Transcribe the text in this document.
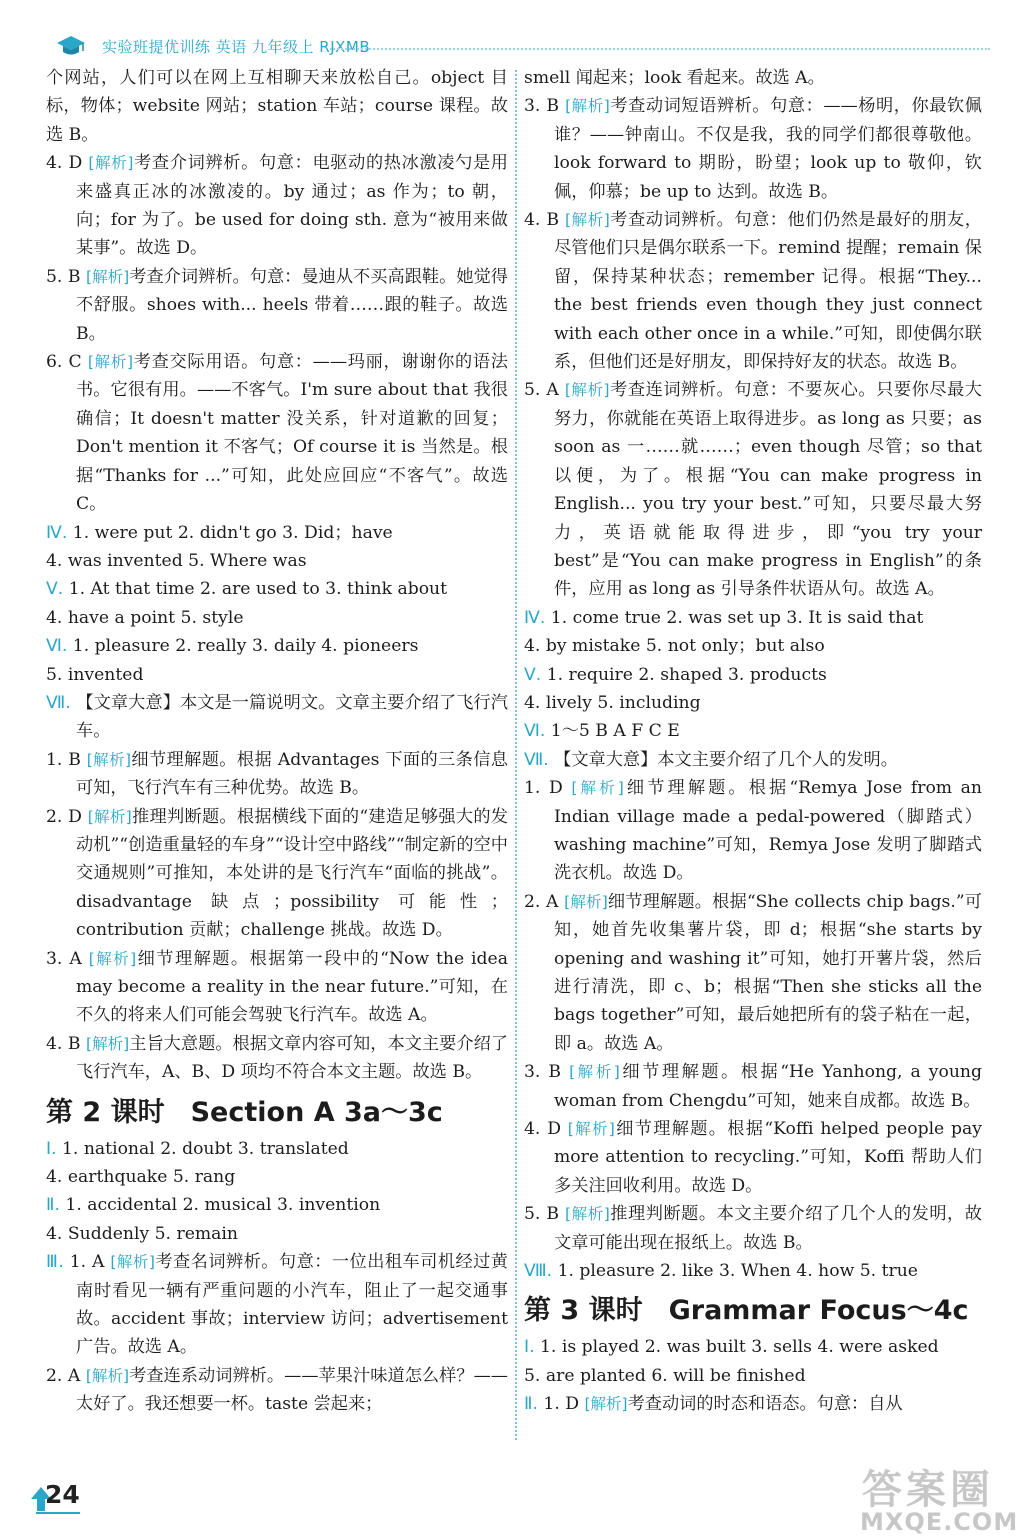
实验班提优训练 英语 九年级上 RJXMB

个网站，人们可以在网上互相聊天来放松自己。object 目标，物体；website 网站；station 车站；course 课程。故选 B。

4. D [解析]考查介词辨析。句意：电驱动的热冰激凌勺是用来盛真正冰的冰激凌的。by 通过；as 作为；to 朝，向；for 为了。be used for doing sth. 意为“被用来做某事”。故选 D。

5. B [解析]考查介词辨析。句意：曼迪从不买高跟鞋。她觉得不舒服。shoes with... heels 带着……跟的鞋子。故选 B。

6. C [解析]考查交际用语。句意：——玛丽，谢谢你的语法书。它很有用。——不客气。I'm sure about that 我很确信；It doesn't matter 没关系，针对道歉的回复；Don't mention it 不客气；Of course it is 当然是。根据“Thanks for ...”可知，此处应回应“不客气”。故选 C。

Ⅳ. 1. were put 2. didn't go 3. Did；have

4. was invented 5. Where was

Ⅴ. 1. At that time 2. are used to 3. think about

4. have a point 5. style

Ⅵ. 1. pleasure 2. really 3. daily 4. pioneers

5. invented

Ⅶ. 【文章大意】本文是一篇说明文。文章主要介绍了飞行汽车。

1. B [解析]细节理解题。根据 Advantages 下面的三条信息可知，飞行汽车有三种优势。故选 B。

2. D [解析]推理判断题。根据横线下面的“建造足够强大的发动机”“创造重量轻的车身”“设计空中路线”“制定新的空中交通规则”可推知，本处讲的是飞行汽车“面临的挑战”。disadvantage 缺点；possibility 可能性；contribution 贡献；challenge 挑战。故选 D。

3. A [解析]细节理解题。根据第一段中的“Now the idea may become a reality in the near future.”可知，在不久的将来人们可能会驾驶飞行汽车。故选 A。

4. B [解析]主旨大意题。根据文章内容可知，本文主要介绍了飞行汽车，A、B、D 项均不符合本文主题。故选 B。

第 2 课时 Section A 3a～3c

Ⅰ. 1. national 2. doubt 3. translated

4. earthquake 5. rang

Ⅱ. 1. accidental 2. musical 3. invention

4. Suddenly 5. remain

Ⅲ. 1. A [解析]考查名词辨析。句意：一位出租车司机经过黄南时看见一辆有严重问题的小汽车，阻止了一起交通事故。accident 事故；interview 访问；advertisement 广告。故选 A。

2. A [解析]考查连系动词辨析。——苹果汁味道怎么样？——太好了。我还想要一杯。taste 尝起来；

smell 闻起来；look 看起来。故选 A。

3. B [解析]考查动词短语辨析。句意：——杨明，你最钦佩谁？——钟南山。不仅是我，我的同学们都很尊敬他。look forward to 期盼，盼望；look up to 敬仰，钦佩，仰慕；be up to 达到。故选 B。

4. B [解析]考查动词辨析。句意：他们仍然是最好的朋友，尽管他们只是偶尔联系一下。remind 提醒；remain 保留，保持某种状态；remember 记得。根据“They... the best friends even though they just connect with each other once in a while.”可知，即使偶尔联系，但他们还是好朋友，即保持好友的状态。故选 B。

5. A [解析]考查连词辨析。句意：不要灰心。只要你尽最大努力，你就能在英语上取得进步。as long as 只要；as soon as 一……就……；even though 尽管；so that 以便，为了。根据“You can make progress in English... you try your best.”可知，只要尽最大努力，英语就能取得进步，即“you try your best”是“You can make progress in English”的条件，应用 as long as 引导条件状语从句。故选 A。

Ⅳ. 1. come true 2. was set up 3. It is said that

4. by mistake 5. not only；but also

Ⅴ. 1. require 2. shaped 3. products

4. lively 5. including

Ⅵ. 1～5 B A F C E

Ⅶ. 【文章大意】本文主要介绍了几个人的发明。

1. D [解析]细节理解题。根据“Remya Jose from an Indian village made a pedal-powered（脚踏式）washing machine”可知，Remya Jose 发明了脚踏式洗衣机。故选 D。

2. A [解析]细节理解题。根据“She collects chip bags.”可知，她首先收集薯片袋，即 d；根据“she starts by opening and washing it”可知，她打开薯片袋，然后进行清洗，即 c、b；根据“Then she sticks all the bags together”可知，最后她把所有的袋子粘在一起，即 a。故选 A。

3. B [解析]细节理解题。根据“He Yanhong, a young woman from Chengdu”可知，她来自成都。故选 B。

4. D [解析]细节理解题。根据“Koffi helped people pay more attention to recycling.”可知，Koffi 帮助人们多关注回收利用。故选 D。

5. B [解析]推理判断题。本文主要介绍了几个人的发明，故文章可能出现在报纸上。故选 B。

Ⅷ. 1. pleasure 2. like 3. When 4. how 5. true

第 3 课时 Grammar Focus～4c

Ⅰ. 1. is played 2. was built 3. sells 4. were asked

5. are planted 6. will be finished

Ⅱ. 1. D [解析]考查动词的时态和语态。句意：自从

24	答案圈
MXQE.COM
